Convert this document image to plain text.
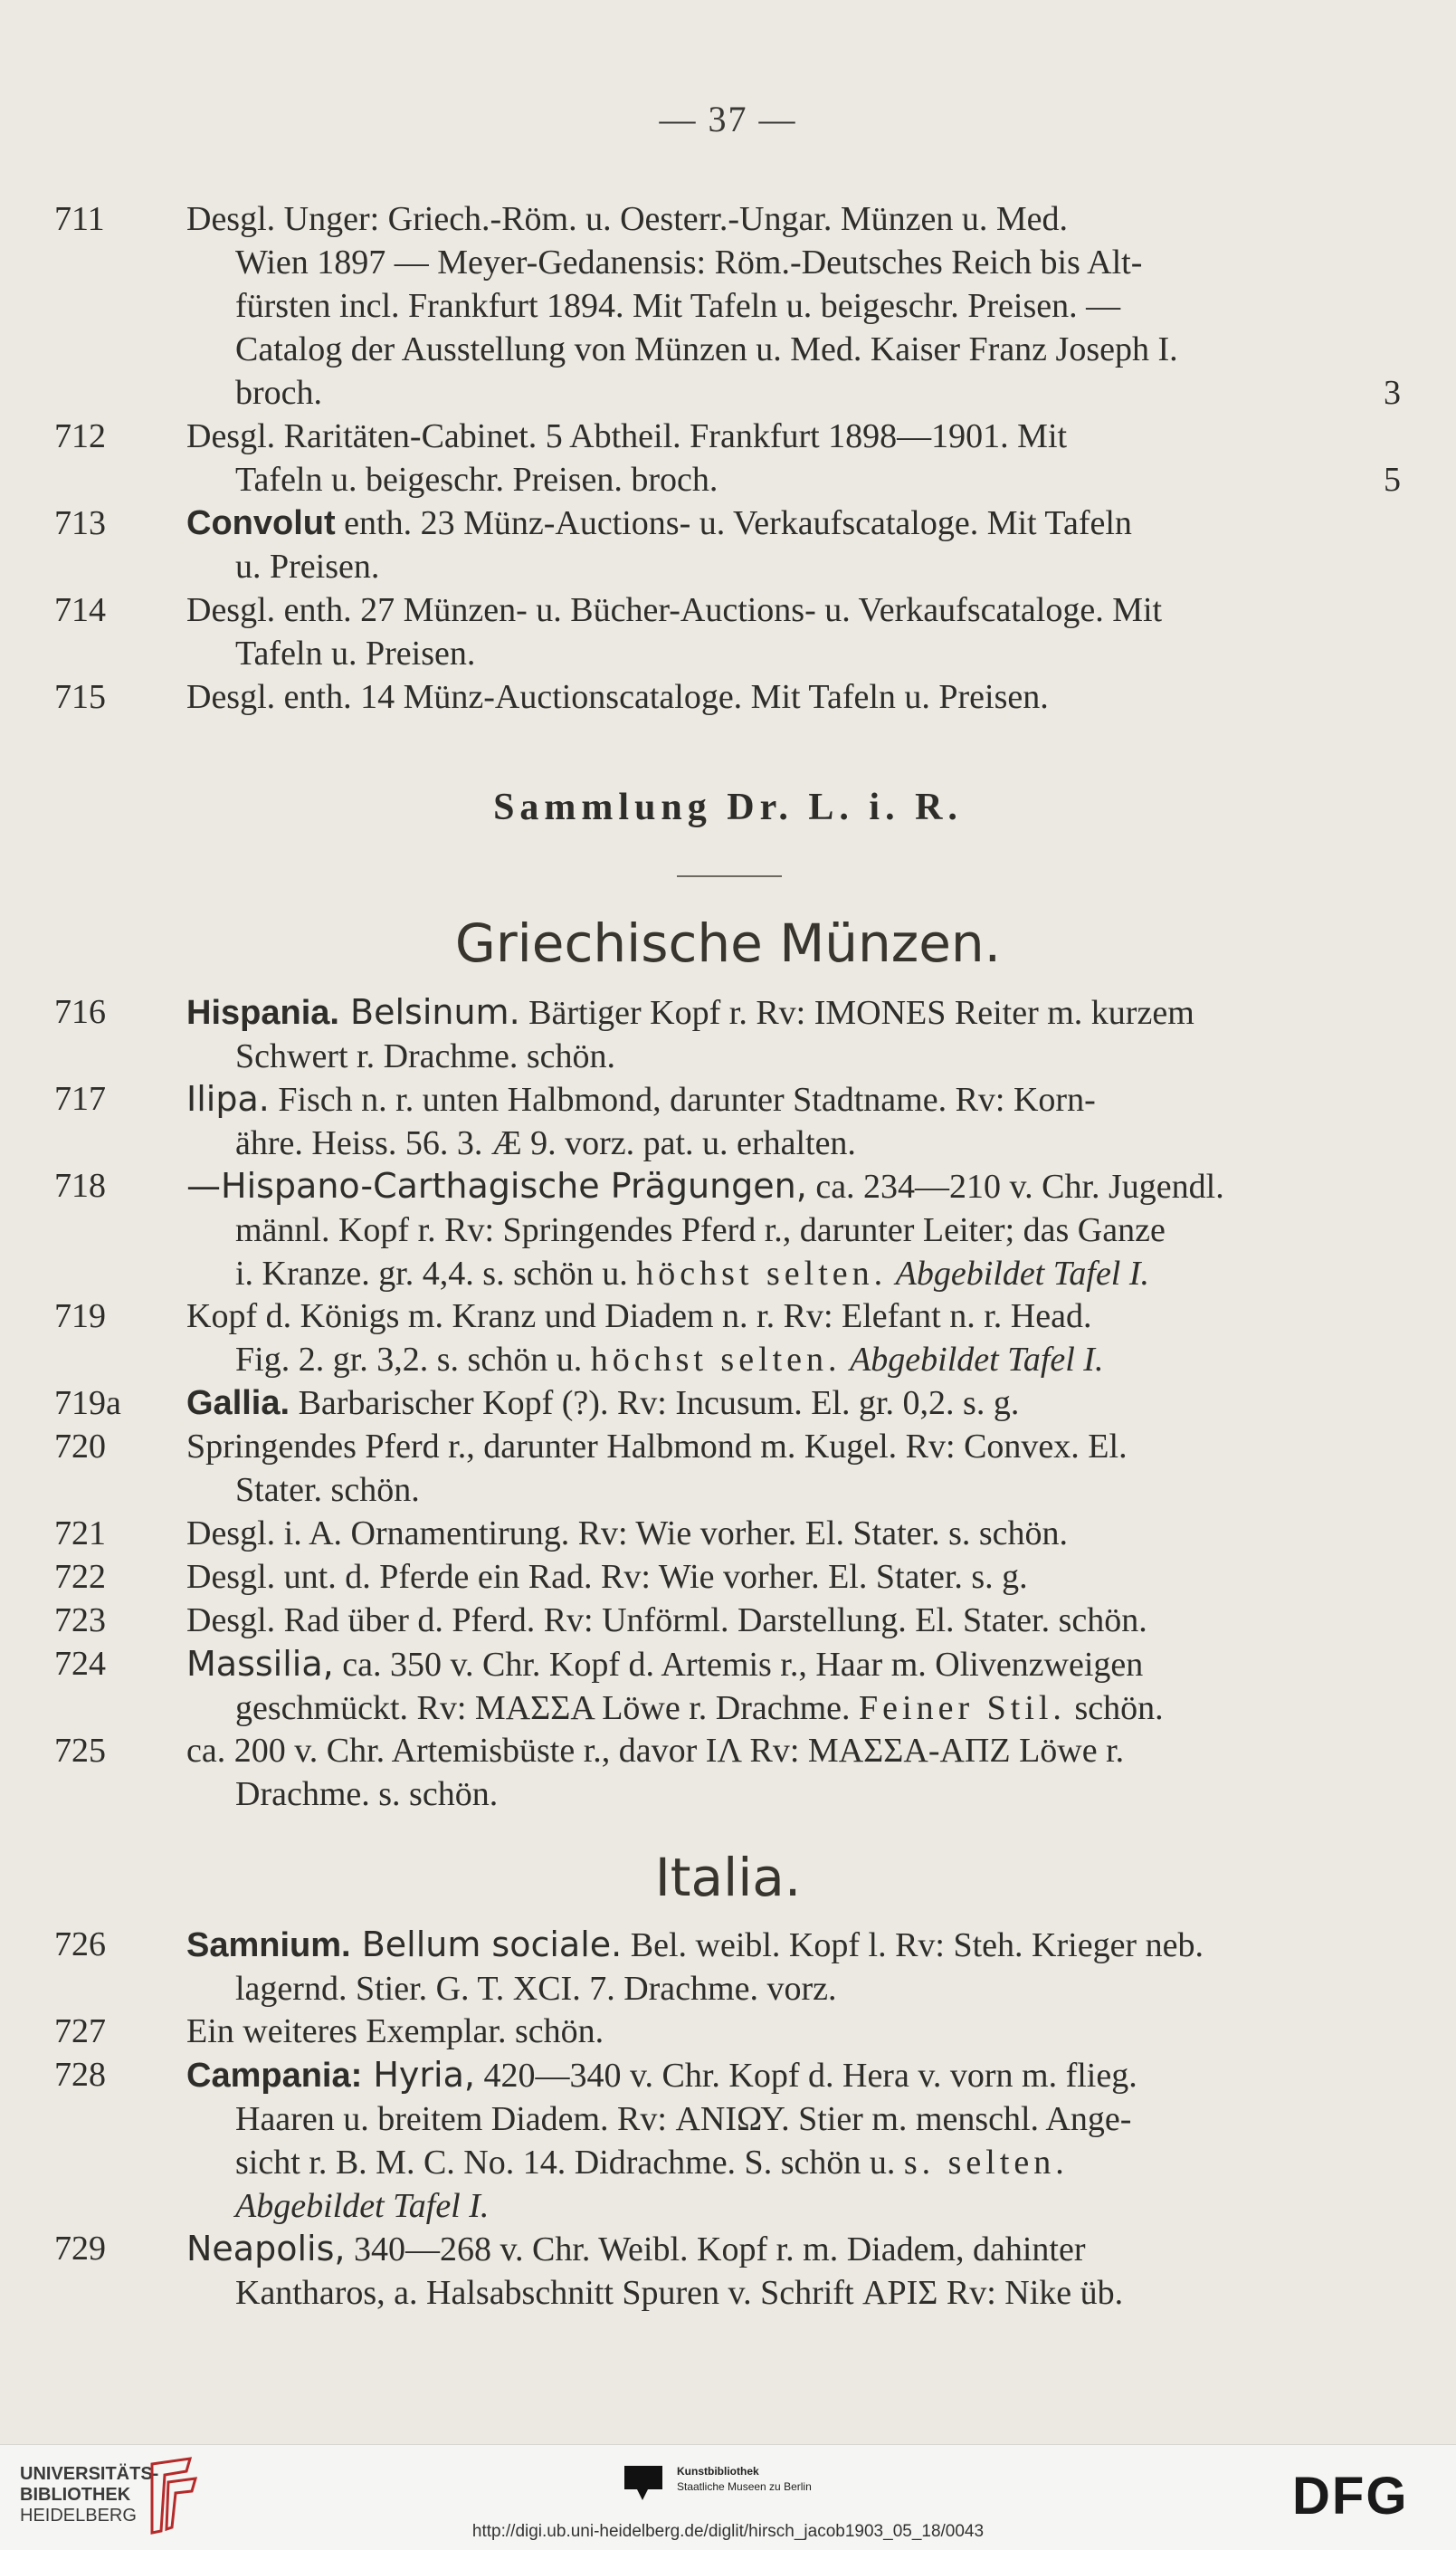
— 37 —
711	Desgl. Unger: Griech.-Röm. u. Oesterr.-Ungar. Münzen u. Med.
Wien 1897 — Meyer-Gedanensis: Röm.-Deutsches Reich bis Alt-
fürsten incl. Frankfurt 1894. Mit Tafeln u. beigeschr. Preisen. —
Catalog der Ausstellung von Münzen u. Med. Kaiser Franz Joseph I.
broch.	3
712	Desgl. Raritäten-Cabinet. 5 Abtheil. Frankfurt 1898—1901. Mit
Tafeln u. beigeschr. Preisen. broch.	5
713	Convolut enth. 23 Münz-Auctions- u. Verkaufscataloge. Mit Tafeln
u. Preisen.
714	Desgl. enth. 27 Münzen- u. Bücher-Auctions- u. Verkaufscataloge. Mit
Tafeln u. Preisen.
715	Desgl. enth. 14 Münz-Auctionscataloge. Mit Tafeln u. Preisen.
Sammlung Dr. L. i. R.
Griechische Münzen.
716	Hispania. Belsinum. Bärtiger Kopf r. Rv: IMONES Reiter m. kurzem
Schwert r. Drachme. schön.
717	Ilipa. Fisch n. r. unten Halbmond, darunter Stadtname. Rv: Korn-
ähre. Heiss. 56. 3. Æ 9. vorz. pat. u. erhalten.
718	—Hispano-Carthagische Prägungen, ca. 234—210 v. Chr. Jugendl.
männl. Kopf r. Rv: Springendes Pferd r., darunter Leiter; das Ganze
i. Kranze. gr. 4,4. s. schön u. höchst selten. Abgebildet Tafel I.
719	Kopf d. Königs m. Kranz und Diadem n. r. Rv: Elefant n. r. Head.
Fig. 2. gr. 3,2. s. schön u. höchst selten. Abgebildet Tafel I.
719a	Gallia. Barbarischer Kopf (?). Rv: Incusum. El. gr. 0,2. s. g.
720	Springendes Pferd r., darunter Halbmond m. Kugel. Rv: Convex. El.
Stater. schön.
721	Desgl. i. A. Ornamentirung. Rv: Wie vorher. El. Stater. s. schön.
722	Desgl. unt. d. Pferde ein Rad. Rv: Wie vorher. El. Stater. s. g.
723	Desgl. Rad über d. Pferd. Rv: Unförml. Darstellung. El. Stater. schön.
724	Massilia, ca. 350 v. Chr. Kopf d. Artemis r., Haar m. Olivenzweigen
geschmückt. Rv: ΜΑΣΣΑ Löwe r. Drachme. Feiner Stil. schön.
725	ca. 200 v. Chr. Artemisbüste r., davor ΙΛ Rv: ΜΑΣΣΑ-ΑΠΖ Löwe r.
Drachme. s. schön.
Italia.
726	Samnium. Bellum sociale. Bel. weibl. Kopf l. Rv: Steh. Krieger neb.
lagernd. Stier. G. T. XCI. 7. Drachme. vorz.
727	Ein weiteres Exemplar. schön.
728	Campania: Hyria, 420—340 v. Chr. Kopf d. Hera v. vorn m. flieg.
Haaren u. breitem Diadem. Rv: ΑΝΙΩΥ. Stier m. menschl. Ange-
sicht r. B. M. C. No. 14. Didrachme. S. schön u. s. selten.
Abgebildet Tafel I.
729	Neapolis, 340—268 v. Chr. Weibl. Kopf r. m. Diadem, dahinter
Kantharos, a. Halsabschnitt Spuren v. Schrift ΑΡΙΣ Rv: Nike üb.
UNIVERSITÄTS-
BIBLIOTHEK
HEIDELBERG
Kunstbibliothek
Staatliche Museen zu Berlin	DFG
http://digi.ub.uni-heidelberg.de/diglit/hirsch_jacob1903_05_18/0043
